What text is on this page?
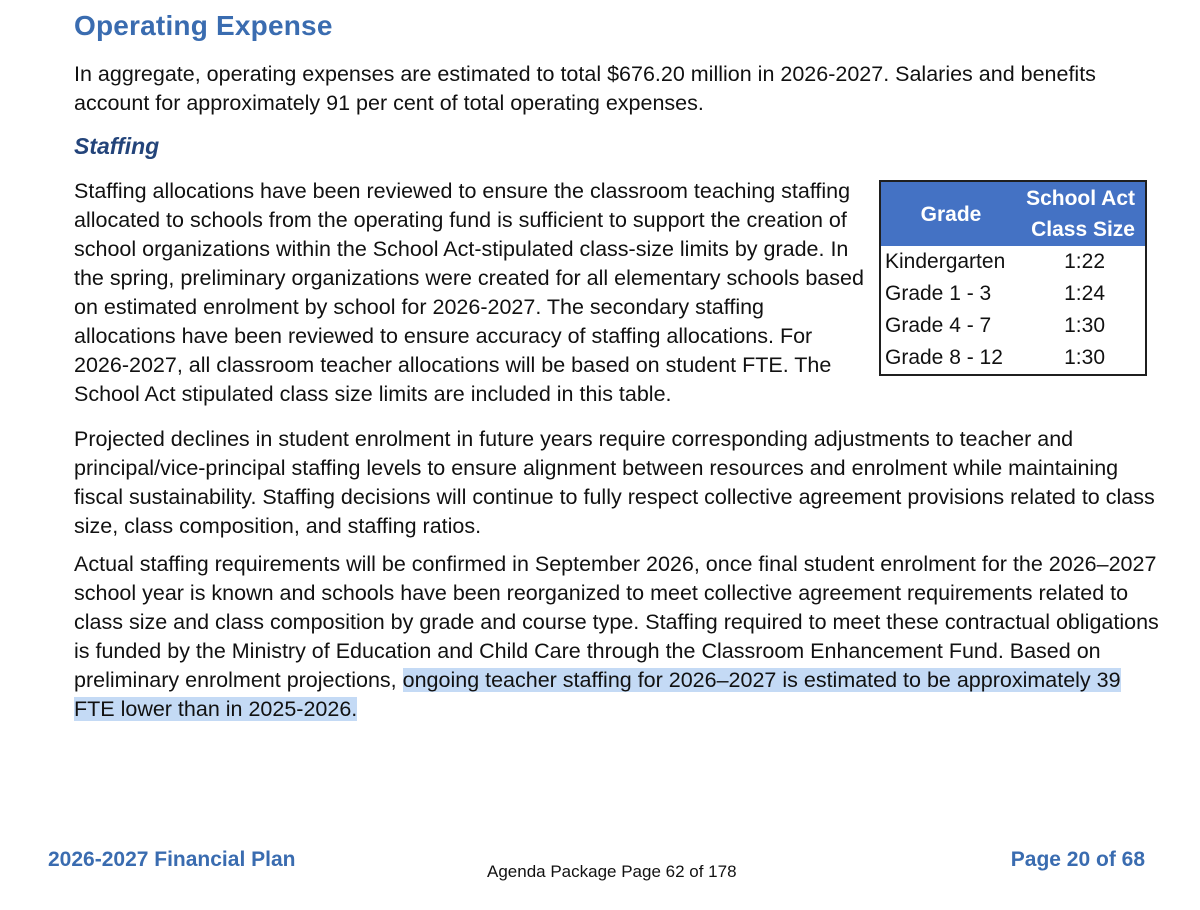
Operating Expense
In aggregate, operating expenses are estimated to total $676.20 million in 2026-2027. Salaries and benefits account for approximately 91 per cent of total operating expenses.
Staffing
Staffing allocations have been reviewed to ensure the classroom teaching staffing allocated to schools from the operating fund is sufficient to support the creation of school organizations within the School Act-stipulated class-size limits by grade. In the spring, preliminary organizations were created for all elementary schools based on estimated enrolment by school for 2026-2027. The secondary staffing allocations have been reviewed to ensure accuracy of staffing allocations. For 2026-2027, all classroom teacher allocations will be based on student FTE. The School Act stipulated class size limits are included in this table.
Grade	School Act Class Size
Kindergarten	1:22
Grade 1 - 3	1:24
Grade 4 - 7	1:30
Grade 8 - 12	1:30
Projected declines in student enrolment in future years require corresponding adjustments to teacher and principal/vice-principal staffing levels to ensure alignment between resources and enrolment while maintaining fiscal sustainability. Staffing decisions will continue to fully respect collective agreement provisions related to class size, class composition, and staffing ratios.
Actual staffing requirements will be confirmed in September 2026, once final student enrolment for the 2026–2027 school year is known and schools have been reorganized to meet collective agreement requirements related to class size and class composition by grade and course type. Staffing required to meet these contractual obligations is funded by the Ministry of Education and Child Care through the Classroom Enhancement Fund. Based on preliminary enrolment projections, ongoing teacher staffing for 2026–2027 is estimated to be approximately 39 FTE lower than in 2025-2026.
2026-2027 Financial Plan
Agenda Package Page 62 of 178
Page 20 of 68
